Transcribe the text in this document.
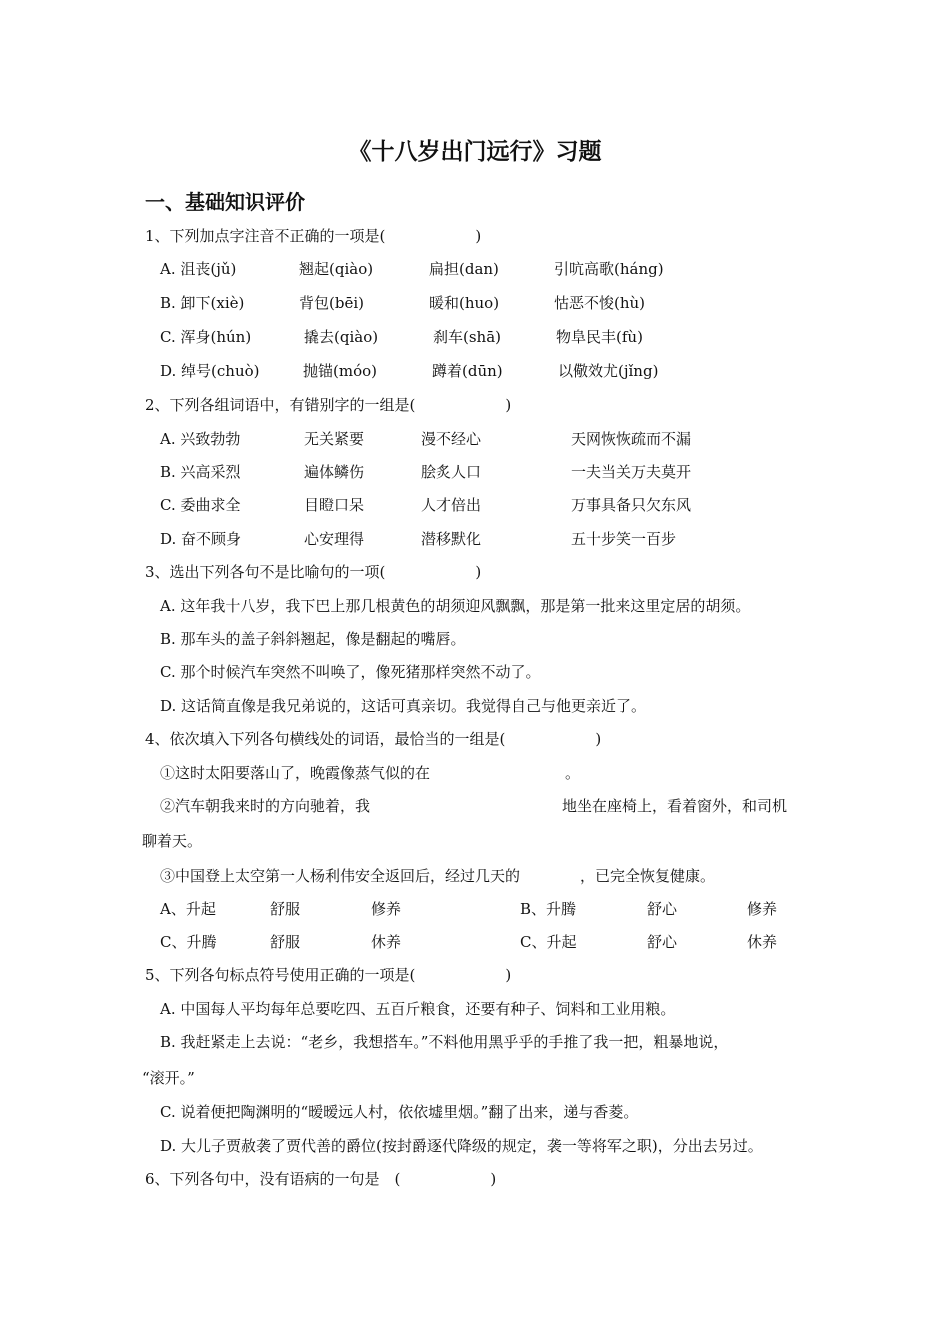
《十八岁出门远行》习题
一、基础知识评价
1、下列加点字注音不正确的一项是(　　　　　　)
A. 沮丧(jǔ)	翘起(qiào)	扁担(dan)	引吭高歌(háng)
B. 卸下(xiè)	背包(bēi)	暖和(huo)	怙恶不悛(hù)
C. 浑身(hún)	撬去(qiào)	刹车(shā)	物阜民丰(fù)
D. 绰号(chuò)	抛锚(móo)	蹲着(dūn)	以儆效尤(jǐng)
2、下列各组词语中，有错别字的一组是(　　　　　　)
A. 兴致勃勃	无关紧要	漫不经心	天网恢恢疏而不漏
B. 兴高采烈	遍体鳞伤	脍炙人口	一夫当关万夫莫开
C. 委曲求全	目瞪口呆	人才倍出	万事具备只欠东风
D. 奋不顾身	心安理得	潜移默化	五十步笑一百步
3、选出下列各句不是比喻句的一项(　　　　　　)
A. 这年我十八岁，我下巴上那几根黄色的胡须迎风飘飘，那是第一批来这里定居的胡须。
B. 那车头的盖子斜斜翘起，像是翻起的嘴唇。
C. 那个时候汽车突然不叫唤了，像死猪那样突然不动了。
D. 这话简直像是我兄弟说的，这话可真亲切。我觉得自己与他更亲近了。
4、依次填入下列各句横线处的词语，最恰当的一组是(　　　　　　)
①这时太阳要落山了，晚霞像蒸气似的在　　　　　　　　　。
②汽车朝我来时的方向驰着，我	地坐在座椅上，看着窗外，和司机
聊着天。
③中国登上太空第一人杨利伟安全返回后，经过几天的　　　　，已完全恢复健康。
A、升起	舒服	修养	B、升腾	舒心	修养
C、升腾	舒服	休养	C、升起	舒心	休养
5、下列各句标点符号使用正确的一项是(　　　　　　)
A. 中国每人平均每年总要吃四、五百斤粮食，还要有种子、饲料和工业用粮。
B. 我赶紧走上去说：“老乡，我想搭车。”不料他用黑乎乎的手推了我一把，粗暴地说，
“滚开。”
C. 说着便把陶渊明的“暧暧远人村，依依墟里烟。”翻了出来，递与香菱。
D. 大儿子贾赦袭了贾代善的爵位(按封爵逐代降级的规定，袭一等将军之职)，分出去另过。
6、下列各句中，没有语病的一句是　(　　　　　　)
